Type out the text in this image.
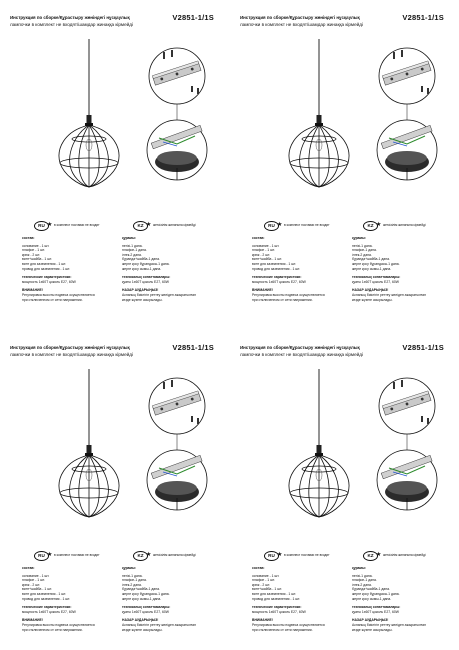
Инструкция по сборке/Құрастыру жөніндегі нұсқаулық
лампочки в комплект не входят/шамдар жинаққа кірмейді
V2851-1/1S
RU ★ в комплект поставки не входит	KZ ★ жеткізілім жинағына кірмейді
состав:
основание - 1 шт.
плафон - 1 шт.
крюк - 2 шт.
винт+шайба - 1 шт.
винт для заземления - 1 шт.
провод для заземления - 1 шт.
технические характеристики:
мощность 1х60Т цоколь Е27, 60W
ВНИМАНИЕ!
Регулировка высоты подвеса осуществляется
при отключенном от сети напряжении.
құрамы:
негізі-1 дана.
плафон-1 дана.
ілгек-2 дана.
бұранда+шайба-1 дана.
жерге қосу бұрандасы-1 дана.
жерге қосу сымы-1 дана.
техникалық сипаттамалары:
қуаты 1х60Т цоколь Е27, 60W
НАЗАР АУДАРЫҢЫЗ!
Аспаның биіктігін реттеу желіден ажыратылған
кезде жүзеге асырылады.
Инструкция по сборке/Құрастыру жөніндегі нұсқаулық
лампочки в комплект не входят/шамдар жинаққа кірмейді
V2851-1/1S
RU ★ в комплект поставки не входит	KZ ★ жеткізілім жинағына кірмейді
состав:
основание - 1 шт.
плафон - 1 шт.
крюк - 2 шт.
винт+шайба - 1 шт.
винт для заземления - 1 шт.
провод для заземления - 1 шт.
технические характеристики:
мощность 1х60Т цоколь Е27, 60W
ВНИМАНИЕ!
Регулировка высоты подвеса осуществляется
при отключенном от сети напряжении.
құрамы:
негізі-1 дана.
плафон-1 дана.
ілгек-2 дана.
бұранда+шайба-1 дана.
жерге қосу бұрандасы-1 дана.
жерге қосу сымы-1 дана.
техникалық сипаттамалары:
қуаты 1х60Т цоколь Е27, 60W
НАЗАР АУДАРЫҢЫЗ!
Аспаның биіктігін реттеу желіден ажыратылған
кезде жүзеге асырылады.
Инструкция по сборке/Құрастыру жөніндегі нұсқаулық
лампочки в комплект не входят/шамдар жинаққа кірмейді
V2851-1/1S
RU ★ в комплект поставки не входит	KZ ★ жеткізілім жинағына кірмейді
состав:
основание - 1 шт.
плафон - 1 шт.
крюк - 2 шт.
винт+шайба - 1 шт.
винт для заземления - 1 шт.
провод для заземления - 1 шт.
технические характеристики:
мощность 1х60Т цоколь Е27, 60W
ВНИМАНИЕ!
Регулировка высоты подвеса осуществляется
при отключенном от сети напряжении.
құрамы:
негізі-1 дана.
плафон-1 дана.
ілгек-2 дана.
бұранда+шайба-1 дана.
жерге қосу бұрандасы-1 дана.
жерге қосу сымы-1 дана.
техникалық сипаттамалары:
қуаты 1х60Т цоколь Е27, 60W
НАЗАР АУДАРЫҢЫЗ!
Аспаның биіктігін реттеу желіден ажыратылған
кезде жүзеге асырылады.
Инструкция по сборке/Құрастыру жөніндегі нұсқаулық
лампочки в комплект не входят/шамдар жинаққа кірмейді
V2851-1/1S
RU ★ в комплект поставки не входит	KZ ★ жеткізілім жинағына кірмейді
состав:
основание - 1 шт.
плафон - 1 шт.
крюк - 2 шт.
винт+шайба - 1 шт.
винт для заземления - 1 шт.
провод для заземления - 1 шт.
технические характеристики:
мощность 1х60Т цоколь Е27, 60W
ВНИМАНИЕ!
Регулировка высоты подвеса осуществляется
при отключенном от сети напряжении.
құрамы:
негізі-1 дана.
плафон-1 дана.
ілгек-2 дана.
бұранда+шайба-1 дана.
жерге қосу бұрандасы-1 дана.
жерге қосу сымы-1 дана.
техникалық сипаттамалары:
қуаты 1х60Т цоколь Е27, 60W
НАЗАР АУДАРЫҢЫЗ!
Аспаның биіктігін реттеу желіден ажыратылған
кезде жүзеге асырылады.
